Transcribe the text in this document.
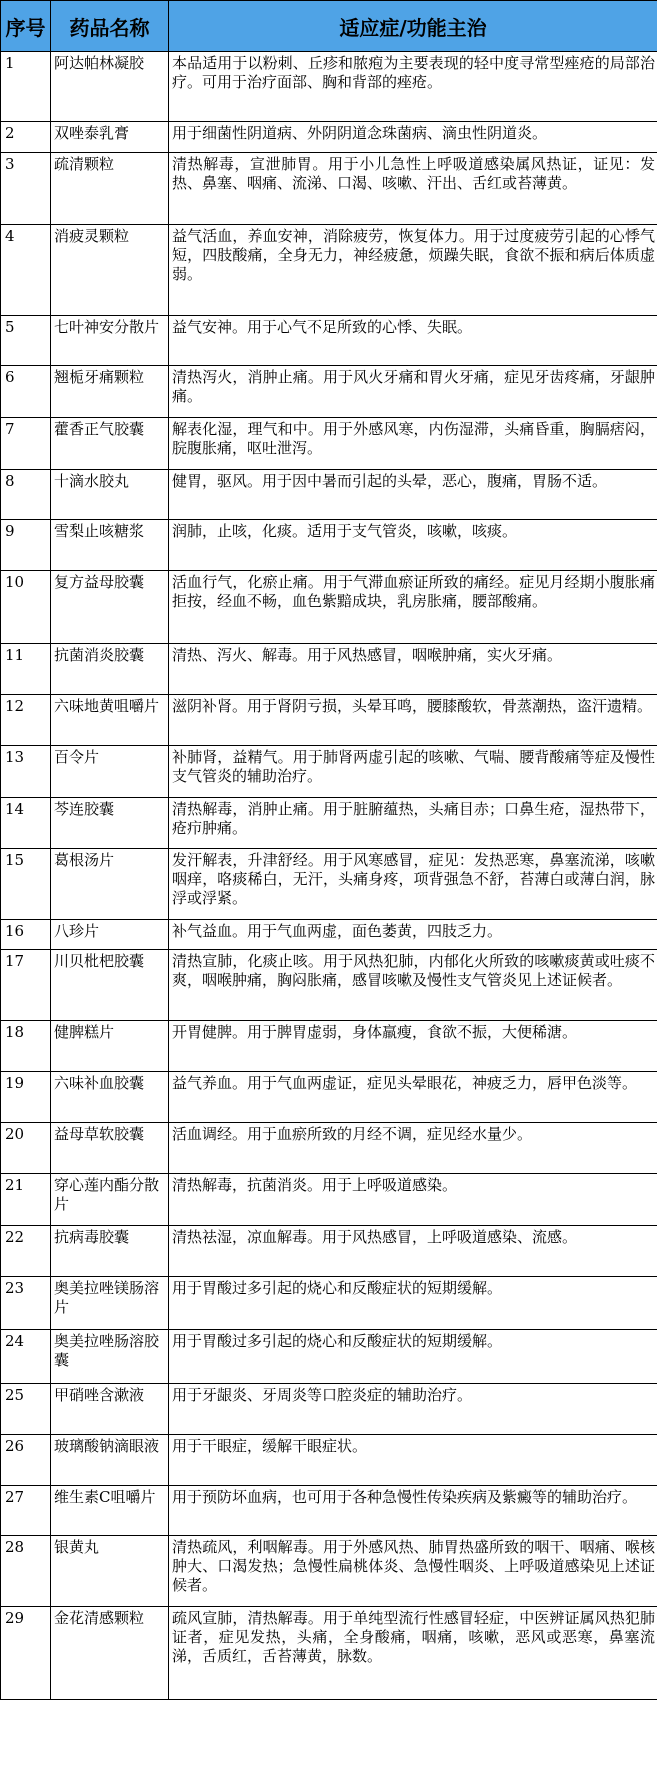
序号	药品名称	适应症/功能主治
1	阿达帕林凝胶	本品适用于以粉刺、丘疹和脓疱为主要表现的轻中度寻常型痤疮的局部治疗。可用于治疗面部、胸和背部的痤疮。
2	双唑泰乳膏	用于细菌性阴道病、外阴阴道念珠菌病、滴虫性阴道炎。
3	疏清颗粒	清热解毒，宣泄肺胃。用于小儿急性上呼吸道感染属风热证，证见：发热、鼻塞、咽痛、流涕、口渴、咳嗽、汗出、舌红或苔薄黄。
4	消疲灵颗粒	益气活血，养血安神，消除疲劳，恢复体力。用于过度疲劳引起的心悸气短，四肢酸痛，全身无力，神经疲惫，烦躁失眠，食欲不振和病后体质虚弱。
5	七叶神安分散片	益气安神。用于心气不足所致的心悸、失眠。
6	翘栀牙痛颗粒	清热泻火，消肿止痛。用于风火牙痛和胃火牙痛，症见牙齿疼痛，牙龈肿痛。
7	藿香正气胶囊	解表化湿，理气和中。用于外感风寒，内伤湿滞，头痛昏重，胸膈痞闷，脘腹胀痛，呕吐泄泻。
8	十滴水胶丸	健胃，驱风。用于因中暑而引起的头晕，恶心，腹痛，胃肠不适。
9	雪梨止咳糖浆	润肺，止咳，化痰。适用于支气管炎，咳嗽，咳痰。
10	复方益母胶囊	活血行气，化瘀止痛。用于气滞血瘀证所致的痛经。症见月经期小腹胀痛拒按，经血不畅，血色紫黯成块，乳房胀痛，腰部酸痛。
11	抗菌消炎胶囊	清热、泻火、解毒。用于风热感冒，咽喉肿痛，实火牙痛。
12	六味地黄咀嚼片	滋阴补肾。用于肾阴亏损，头晕耳鸣，腰膝酸软，骨蒸潮热，盗汗遗精。
13	百令片	补肺肾，益精气。用于肺肾两虚引起的咳嗽、气喘、腰背酸痛等症及慢性支气管炎的辅助治疗。
14	芩连胶囊	清热解毒，消肿止痛。用于脏腑蕴热，头痛目赤；口鼻生疮，湿热带下，疮疖肿痛。
15	葛根汤片	发汗解表，升津舒经。用于风寒感冒，症见：发热恶寒，鼻塞流涕，咳嗽咽痒，咯痰稀白，无汗，头痛身疼，项背强急不舒，苔薄白或薄白润，脉浮或浮紧。
16	八珍片	补气益血。用于气血两虚，面色萎黄，四肢乏力。
17	川贝枇杷胶囊	清热宣肺，化痰止咳。用于风热犯肺，内郁化火所致的咳嗽痰黄或吐痰不爽，咽喉肿痛，胸闷胀痛，感冒咳嗽及慢性支气管炎见上述证候者。
18	健脾糕片	开胃健脾。用于脾胃虚弱，身体羸瘦，食欲不振，大便稀溏。
19	六味补血胶囊	益气养血。用于气血两虚证，症见头晕眼花，神疲乏力，唇甲色淡等。
20	益母草软胶囊	活血调经。用于血瘀所致的月经不调，症见经水量少。
21	穿心莲内酯分散片	清热解毒，抗菌消炎。用于上呼吸道感染。
22	抗病毒胶囊	清热祛湿，凉血解毒。用于风热感冒，上呼吸道感染、流感。
23	奥美拉唑镁肠溶片	用于胃酸过多引起的烧心和反酸症状的短期缓解。
24	奥美拉唑肠溶胶囊	用于胃酸过多引起的烧心和反酸症状的短期缓解。
25	甲硝唑含漱液	用于牙龈炎、牙周炎等口腔炎症的辅助治疗。
26	玻璃酸钠滴眼液	用于干眼症，缓解干眼症状。
27	维生素C咀嚼片	用于预防坏血病，也可用于各种急慢性传染疾病及紫癜等的辅助治疗。
28	银黄丸	清热疏风，利咽解毒。用于外感风热、肺胃热盛所致的咽干、咽痛、喉核肿大、口渴发热；急慢性扁桃体炎、急慢性咽炎、上呼吸道感染见上述证候者。
29	金花清感颗粒	疏风宣肺，清热解毒。用于单纯型流行性感冒轻症，中医辨证属风热犯肺证者，症见发热，头痛，全身酸痛，咽痛，咳嗽，恶风或恶寒，鼻塞流涕，舌质红，舌苔薄黄，脉数。
